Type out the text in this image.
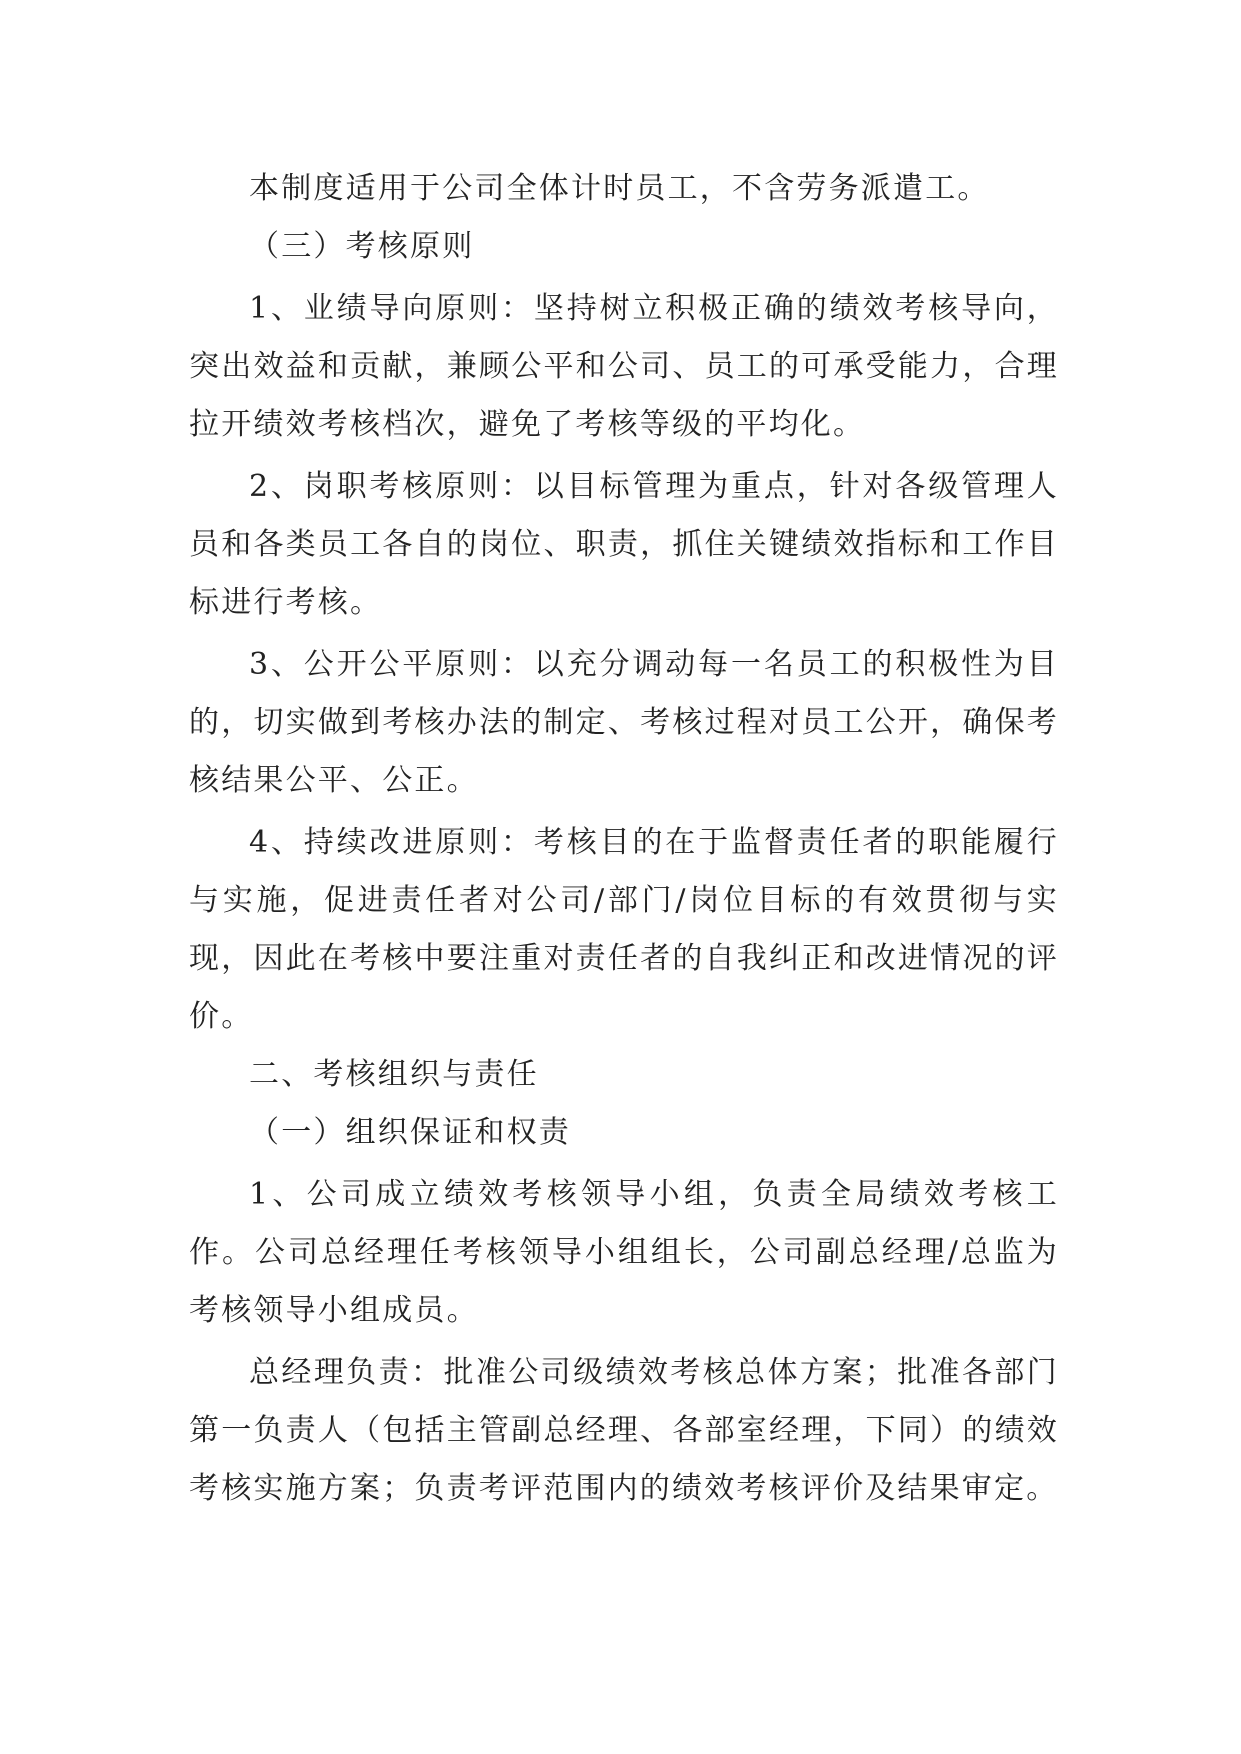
本制度适用于公司全体计时员工，不含劳务派遣工。

（三）考核原则

1、业绩导向原则：坚持树立积极正确的绩效考核导向，突出效益和贡献，兼顾公平和公司、员工的可承受能力，合理拉开绩效考核档次，避免了考核等级的平均化。

2、岗职考核原则：以目标管理为重点，针对各级管理人员和各类员工各自的岗位、职责，抓住关键绩效指标和工作目标进行考核。

3、公开公平原则：以充分调动每一名员工的积极性为目的，切实做到考核办法的制定、考核过程对员工公开，确保考核结果公平、公正。

4、持续改进原则：考核目的在于监督责任者的职能履行与实施，促进责任者对公司/部门/岗位目标的有效贯彻与实现，因此在考核中要注重对责任者的自我纠正和改进情况的评价。

二、考核组织与责任

（一）组织保证和权责

1、公司成立绩效考核领导小组，负责全局绩效考核工作。公司总经理任考核领导小组组长，公司副总经理/总监为考核领导小组成员。

总经理负责：批准公司级绩效考核总体方案；批准各部门第一负责人（包括主管副总经理、各部室经理，下同）的绩效考核实施方案；负责考评范围内的绩效考核评价及结果审定。
